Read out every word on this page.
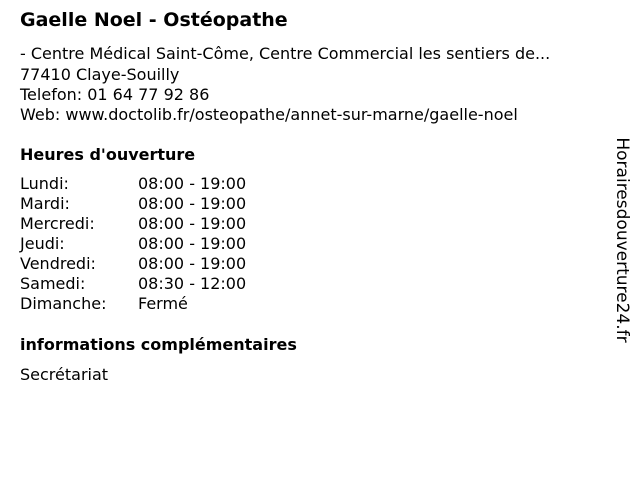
Gaelle Noel - Ostéopathe
- Centre Médical Saint-Côme, Centre Commercial les sentiers de...
77410 Claye-Souilly
Telefon: 01 64 77 92 86
Web: www.doctolib.fr/osteopathe/annet-sur-marne/gaelle-noel
Heures d'ouverture
Lundi:	08:00 - 19:00
Mardi:	08:00 - 19:00
Mercredi:	08:00 - 19:00
Jeudi:	08:00 - 19:00
Vendredi:	08:00 - 19:00
Samedi:	08:30 - 12:00
Dimanche:	Fermé
informations complémentaires
Secrétariat
Horairesdouverture24.fr
